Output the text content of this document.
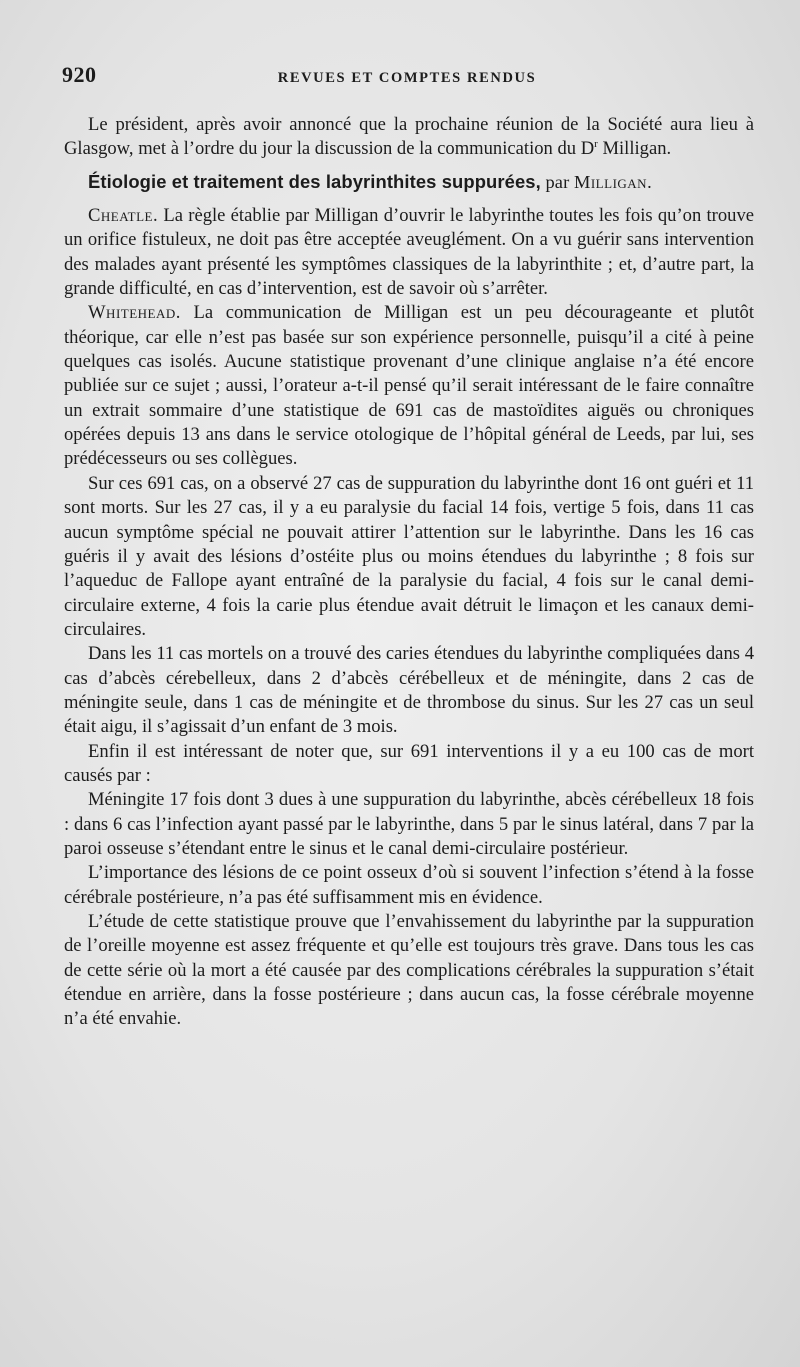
920	REVUES ET COMPTES RENDUS

Le président, après avoir annoncé que la prochaine réunion de la Société aura lieu à Glasgow, met à l’ordre du jour la discussion de la communication du $D^r$ Milligan.

Étiologie et traitement des labyrinthites suppurées, par Milligan.

Cheatle. La règle établie par Milligan d’ouvrir le labyrinthe toutes les fois qu’on trouve un orifice fistuleux, ne doit pas être acceptée aveuglément. On a vu guérir sans intervention des malades ayant présenté les symptômes classiques de la labyrinthite ; et, d’autre part, la grande difficulté, en cas d’intervention, est de savoir où s’arrêter.

Whitehead. La communication de Milligan est un peu décourageante et plutôt théorique, car elle n’est pas basée sur son expérience personnelle, puisqu’il a cité à peine quelques cas isolés. Aucune statistique provenant d’une clinique anglaise n’a été encore publiée sur ce sujet ; aussi, l’orateur a-t-il pensé qu’il serait intéressant de le faire connaître un extrait sommaire d’une statistique de 691 cas de mastoïdites aiguës ou chroniques opérées depuis 13 ans dans le service otologique de l’hôpital général de Leeds, par lui, ses prédécesseurs ou ses collègues.

Sur ces 691 cas, on a observé 27 cas de suppuration du labyrinthe dont 16 ont guéri et 11 sont morts. Sur les 27 cas, il y a eu paralysie du facial 14 fois, vertige 5 fois, dans 11 cas aucun symptôme spécial ne pouvait attirer l’attention sur le labyrinthe. Dans les 16 cas guéris il y avait des lésions d’ostéite plus ou moins étendues du labyrinthe ; 8 fois sur l’aqueduc de Fallope ayant entraîné de la paralysie du facial, 4 fois sur le canal demi-circulaire externe, 4 fois la carie plus étendue avait détruit le limaçon et les canaux demi-circulaires.

Dans les 11 cas mortels on a trouvé des caries étendues du labyrinthe compliquées dans 4 cas d’abcès cérebelleux, dans 2 d’abcès cérébelleux et de méningite, dans 2 cas de méningite seule, dans 1 cas de méningite et de thrombose du sinus. Sur les 27 cas un seul était aigu, il s’agissait d’un enfant de 3 mois.

Enfin il est intéressant de noter que, sur 691 interventions il y a eu 100 cas de mort causés par :

Méningite 17 fois dont 3 dues à une suppuration du labyrinthe, abcès cérébelleux 18 fois : dans 6 cas l’infection ayant passé par le labyrinthe, dans 5 par le sinus latéral, dans 7 par la paroi osseuse s’étendant entre le sinus et le canal demi-circulaire postérieur.

L’importance des lésions de ce point osseux d’où si souvent l’infection s’étend à la fosse cérébrale postérieure, n’a pas été suffisamment mis en évidence.

L’étude de cette statistique prouve que l’envahissement du labyrinthe par la suppuration de l’oreille moyenne est assez fréquente et qu’elle est toujours très grave. Dans tous les cas de cette série où la mort a été causée par des complications cérébrales la suppuration s’était étendue en arrière, dans la fosse postérieure ; dans aucun cas, la fosse cérébrale moyenne n’a été envahie.
